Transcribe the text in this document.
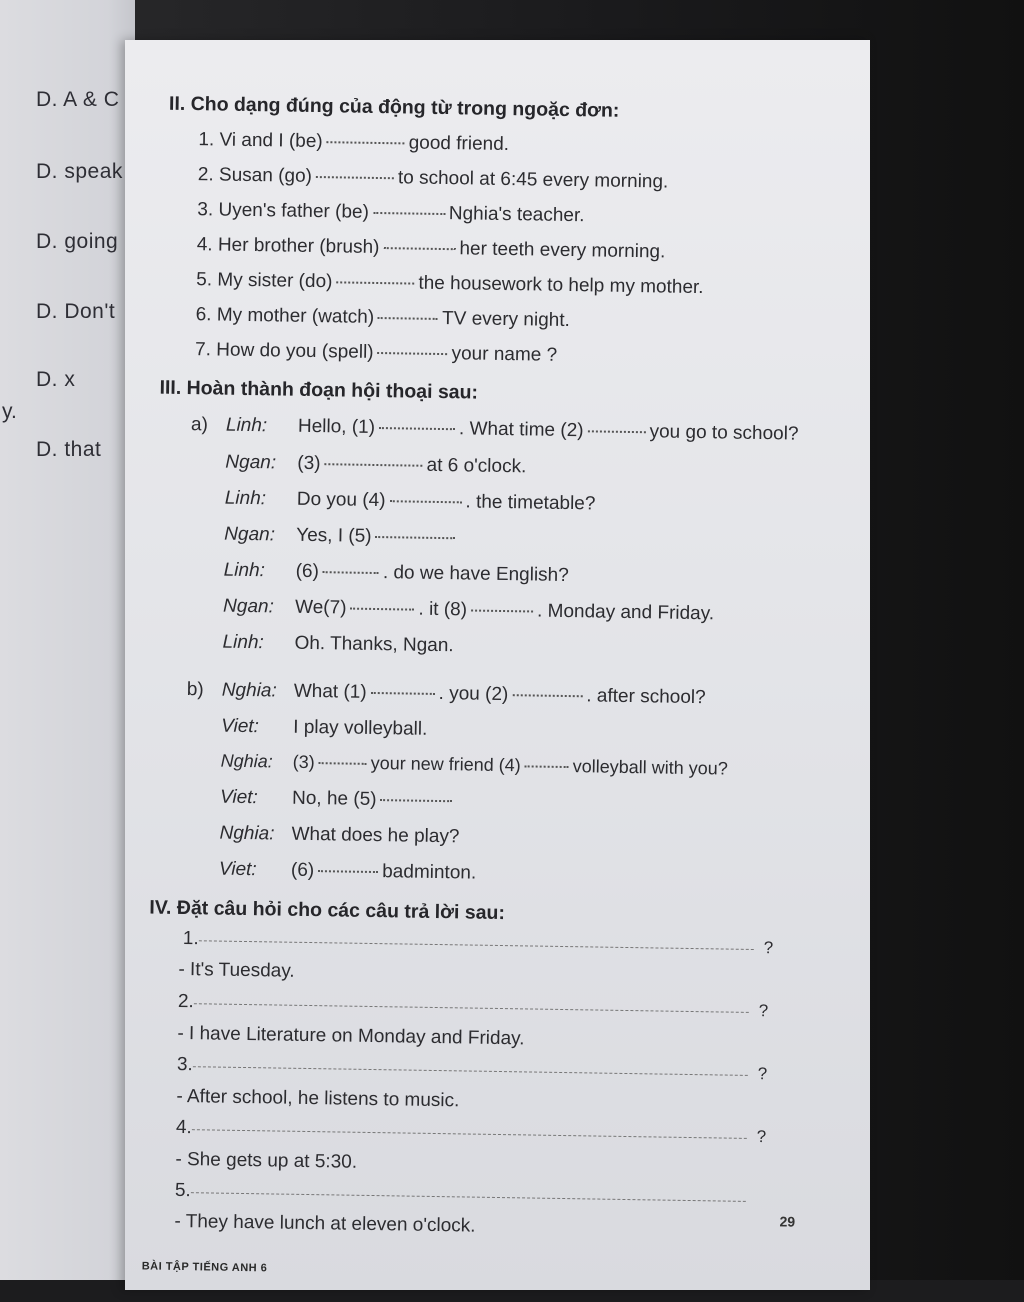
D. A & C
D. speak
D. going
D. Don't
D. x
y.
D. that
II. Cho dạng đúng của động từ trong ngoặc đơn:
1. Vi and I (be)	good friend.
2. Susan (go)	to school at 6:45 every morning.
3. Uyen's father (be)	Nghia's teacher.
4. Her brother (brush)	her teeth every morning.
5. My sister (do)	the housework to help my mother.
6. My mother (watch)	TV every night.
7. How do you (spell)	your name ?
III. Hoàn thành đoạn hội thoại sau:
a) Linh: Hello, (1)	. What time (2)	you go to school?
Ngan: (3)	at 6 o'clock.
Linh: Do you (4)	. the timetable?
Ngan: Yes, I (5)
Linh: (6)	. do we have English?
Ngan: We(7)	. it (8)	. Monday and Friday.
Linh: Oh. Thanks, Ngan.
b) Nghia: What (1)	. you (2)	. after school?
Viet: I play volleyball.
Nghia: (3)	your new friend (4)	volleyball with you?
Viet: No, he (5)
Nghia: What does he play?
Viet: (6)	badminton.
IV. Đặt câu hỏi cho các câu trả lời sau:
1.	?
- It's Tuesday.
2.	?
- I have Literature on Monday and Friday.
3.	?
- After school, he listens to music.
4.	?
- She gets up at 5:30.
5.
- They have lunch at eleven o'clock.	29
BÀI TẬP TIẾNG ANH 6
